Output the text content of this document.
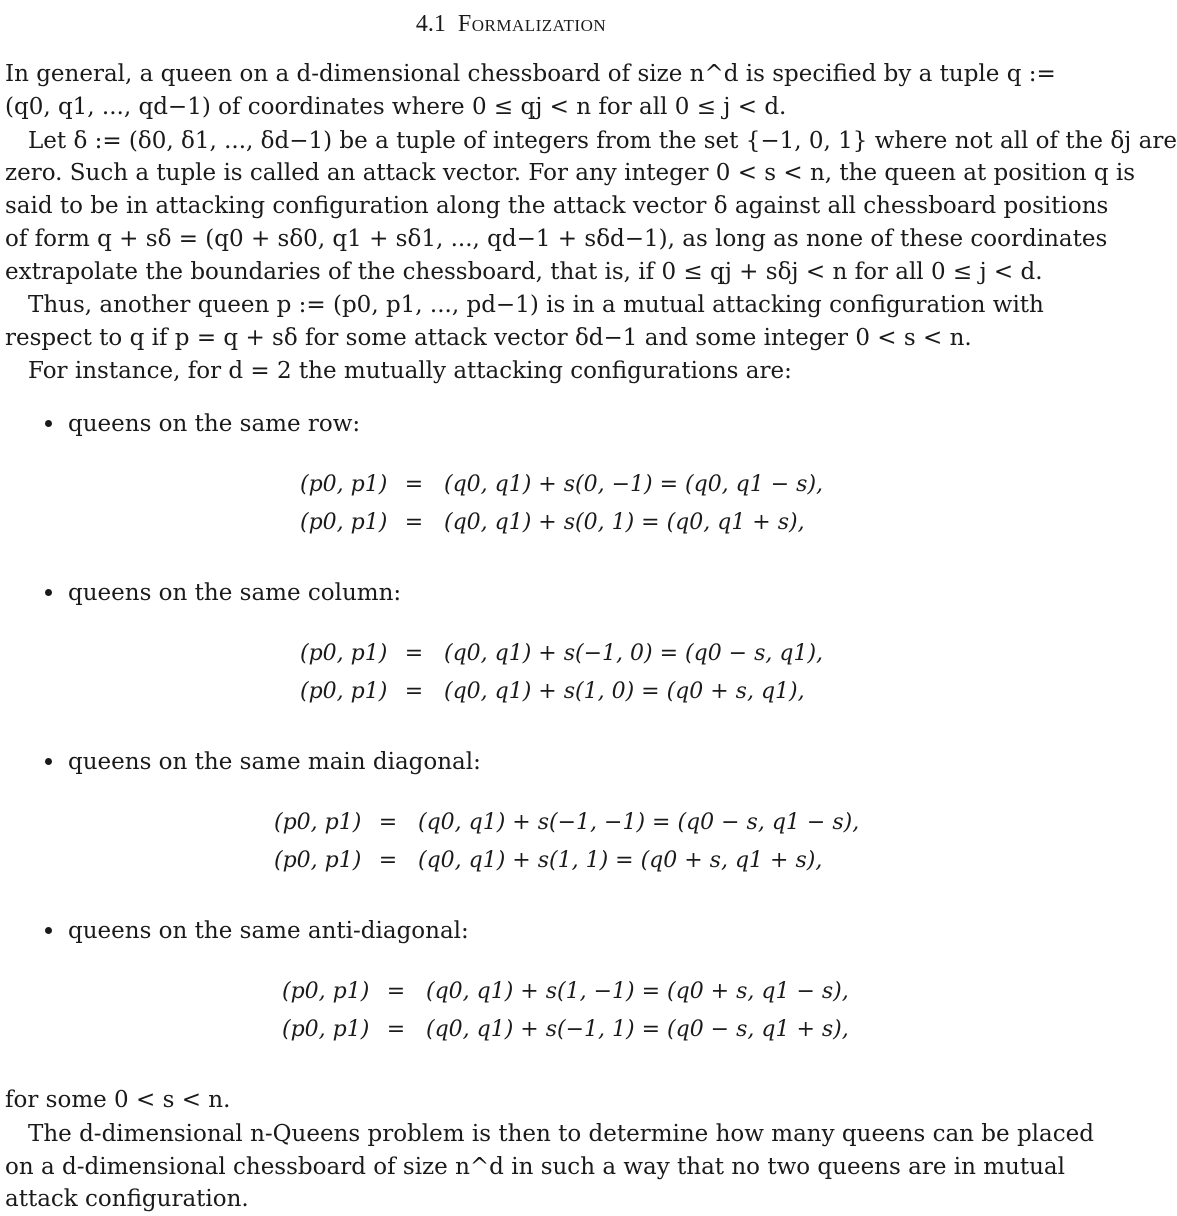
4.1 Formalization
In general, a queen on a d-dimensional chessboard of size n^d is specified by a tuple q :=
(q0, q1, ..., qd−1) of coordinates where 0 ≤ qj < n for all 0 ≤ j < d.
Let δ := (δ0, δ1, ..., δd−1) be a tuple of integers from the set {−1, 0, 1} where not all of the δj are
zero. Such a tuple is called an attack vector. For any integer 0 < s < n, the queen at position q is
said to be in attacking configuration along the attack vector δ against all chessboard positions
of form q + sδ = (q0 + sδ0, q1 + sδ1, ..., qd−1 + sδd−1), as long as none of these coordinates
extrapolate the boundaries of the chessboard, that is, if 0 ≤ qj + sδj < n for all 0 ≤ j < d.
Thus, another queen p := (p0, p1, ..., pd−1) is in a mutual attacking configuration with
respect to q if p = q + sδ for some attack vector δd−1 and some integer 0 < s < n.
For instance, for d = 2 the mutually attacking configurations are:
queens on the same row:
(p0, p1) = (q0, q1) + s(0, −1) = (q0, q1 − s),
(p0, p1) = (q0, q1) + s(0, 1) = (q0, q1 + s),
queens on the same column:
(p0, p1) = (q0, q1) + s(−1, 0) = (q0 − s, q1),
(p0, p1) = (q0, q1) + s(1, 0) = (q0 + s, q1),
queens on the same main diagonal:
(p0, p1) = (q0, q1) + s(−1, −1) = (q0 − s, q1 − s),
(p0, p1) = (q0, q1) + s(1, 1) = (q0 + s, q1 + s),
queens on the same anti-diagonal:
(p0, p1) = (q0, q1) + s(1, −1) = (q0 + s, q1 − s),
(p0, p1) = (q0, q1) + s(−1, 1) = (q0 − s, q1 + s),
for some 0 < s < n.
The d-dimensional n-Queens problem is then to determine how many queens can be placed
on a d-dimensional chessboard of size n^d in such a way that no two queens are in mutual
attack configuration.
